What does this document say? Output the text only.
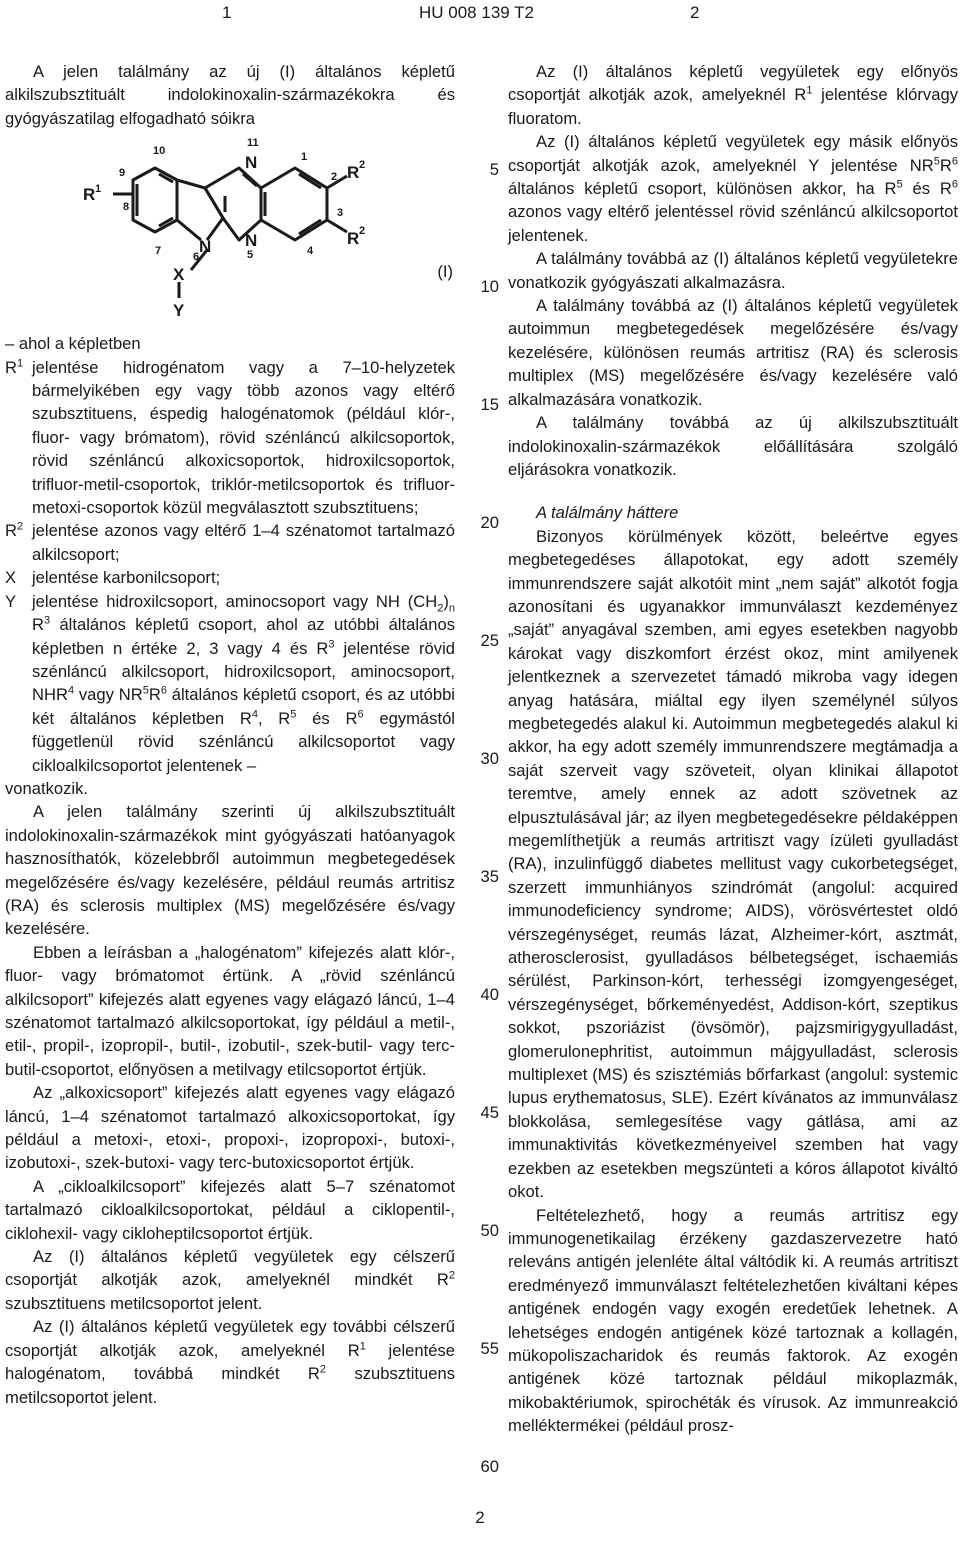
1	HU 008 139 T2	2

A jelen találmány az új (I) általános képletű alkilszubsztituált indolokinoxalin-származékokra és gyógyászatilag elfogadható sóikra

10
9
8
7	6	5	4
3
2
1
11
R 1
R 2
R 2
N
N N
X
Y
(I)

– ahol a képletben

$R^1$ jelentése hidrogénatom vagy a 7–10-helyzetek bármelyikében egy vagy több azonos vagy eltérő szubsztituens, éspedig halogénatomok (például klór-, fluor- vagy brómatom), rövid szénláncú alkilcsoportok, rövid szénláncú alkoxicsoportok, hidroxilcsoportok, trifluor-metil-csoportok, triklór-metilcsoportok és trifluor-metoxi-csoportok közül megválasztott szubsztituens;

$R^2$ jelentése azonos vagy eltérő 1–4 szénatomot tartalmazó alkilcsoport;

X jelentése karbonilcsoport;

Y jelentése hidroxilcsoport, aminocsoport vagy NH $(CH_2)_n$ $R^3$ általános képletű csoport, ahol az utóbbi általános képletben n értéke 2, 3 vagy 4 és $R^3$ jelentése rövid szénláncú alkilcsoport, hidroxilcsoport, aminocsoport, NHR$^4$ vagy $NR^5R^6$ általános képletű csoport, és az utóbbi két általános képletben $R^4$, $R^5$ és $R^6$ egymástól függetlenül rövid szénláncú alkilcsoportot vagy cikloalkilcsoportot jelentenek –

vonatkozik.

A jelen találmány szerinti új alkilszubsztituált indolokinoxalin-származékok mint gyógyászati hatóanyagok hasznosíthatók, közelebbről autoimmun megbetegedések megelőzésére és/vagy kezelésére, például reumás artritisz (RA) és sclerosis multiplex (MS) megelőzésére és/vagy kezelésére.

Ebben a leírásban a „halogénatom” kifejezés alatt klór-, fluor- vagy brómatomot értünk. A „rövid szénláncú alkilcsoport” kifejezés alatt egyenes vagy elágazó láncú, 1–4 szénatomot tartalmazó alkilcsoportokat, így például a metil-, etil-, propil-, izopropil-, butil-, izobutil-, szek-butil- vagy terc-butil-csoportot, előnyösen a metilvagy etilcsoportot értjük.

Az „alkoxicsoport” kifejezés alatt egyenes vagy elágazó láncú, 1–4 szénatomot tartalmazó alkoxicsoportokat, így például a metoxi-, etoxi-, propoxi-, izopropoxi-, butoxi-, izobutoxi-, szek-butoxi- vagy terc-butoxicsoportot értjük.

A „cikloalkilcsoport” kifejezés alatt 5–7 szénatomot tartalmazó cikloalkilcsoportokat, például a ciklopentil-, ciklohexil- vagy cikloheptilcsoportot értjük.

Az (I) általános képletű vegyületek egy célszerű csoportját alkotják azok, amelyeknél mindkét $R^2$ szubsztituens metilcsoportot jelent.

Az (I) általános képletű vegyületek egy további célszerű csoportját alkotják azok, amelyeknél $R^1$ jelentése halogénatom, továbbá mindkét $R^2$ szubsztituens metilcsoportot jelent.

5
10
15
20
25
30
35
40
45
50
55
60

Az (I) általános képletű vegyületek egy előnyös csoportját alkotják azok, amelyeknél $R^1$ jelentése klórvagy fluoratom.

Az (I) általános képletű vegyületek egy másik előnyös csoportját alkotják azok, amelyeknél Y jelentése $NR^5R^6$ általános képletű csoport, különösen akkor, ha $R^5$ és $R^6$ azonos vagy eltérő jelentéssel rövid szénláncú alkilcsoportot jelentenek.

A találmány továbbá az (I) általános képletű vegyületekre vonatkozik gyógyászati alkalmazásra.

A találmány továbbá az (I) általános képletű vegyületek autoimmun megbetegedések megelőzésére és/vagy kezelésére, különösen reumás artritisz (RA) és sclerosis multiplex (MS) megelőzésére és/vagy kezelésére való alkalmazására vonatkozik.

A találmány továbbá az új alkilszubsztituált indolokinoxalin-származékok előállítására szolgáló eljárásokra vonatkozik.

A találmány háttere

Bizonyos körülmények között, beleértve egyes megbetegedéses állapotokat, egy adott személy immunrendszere saját alkotóit mint „nem saját” alkotót fogja azonosítani és ugyanakkor immunválaszt kezdeményez „saját” anyagával szemben, ami egyes esetekben nagyobb károkat vagy diszkomfort érzést okoz, mint amilyenek jelentkeznek a szervezetet támadó mikroba vagy idegen anyag hatására, miáltal egy ilyen személynél súlyos megbetegedés alakul ki. Autoimmun megbetegedés alakul ki akkor, ha egy adott személy immunrendszere megtámadja a saját szerveit vagy szöveteit, olyan klinikai állapotot teremtve, amely ennek az adott szövetnek az elpusztulásával jár; az ilyen megbetegedésekre példaképpen megemlíthetjük a reumás artritiszt vagy ízületi gyulladást (RA), inzulinfüggő diabetes mellitust vagy cukorbetegséget, szerzett immunhiányos szindrómát (angolul: acquired immunodeficiency syndrome; AIDS), vörösvértestet oldó vérszegénységet, reumás lázat, Alzheimer-kórt, asztmát, atherosclerosist, gyulladásos bélbetegséget, ischaemiás sérülést, Parkinson-kórt, terhességi izomgyengeséget, vérszegénységet, bőrkeményedést, Addison-kórt, szeptikus sokkot, pszoriázist (övsömör), pajzsmirigygyulladást, glomerulonephritist, autoimmun májgyulladást, sclerosis multiplexet (MS) és szisztémiás bőrfarkast (angolul: systemic lupus erythematosus, SLE). Ezért kívánatos az immunválasz blokkolása, semlegesítése vagy gátlása, ami az immunaktivitás következményeivel szemben hat vagy ezekben az esetekben megszünteti a kóros állapotot kiváltó okot.

Feltételezhető, hogy a reumás artritisz egy immunogenetikailag érzékeny gazdaszervezetre ható releváns antigén jelenléte által váltódik ki. A reumás artritiszt eredményező immunválaszt feltételezhetően kiváltani képes antigének endogén vagy exogén eredetűek lehetnek. A lehetséges endogén antigének közé tartoznak a kollagén, mükopoliszacharidok és reumás faktorok. Az exogén antigének közé tartoznak például mikoplazmák, mikobaktériumok, spirochéták és vírusok. Az immunreakció melléktermékei (például prosz-

2
